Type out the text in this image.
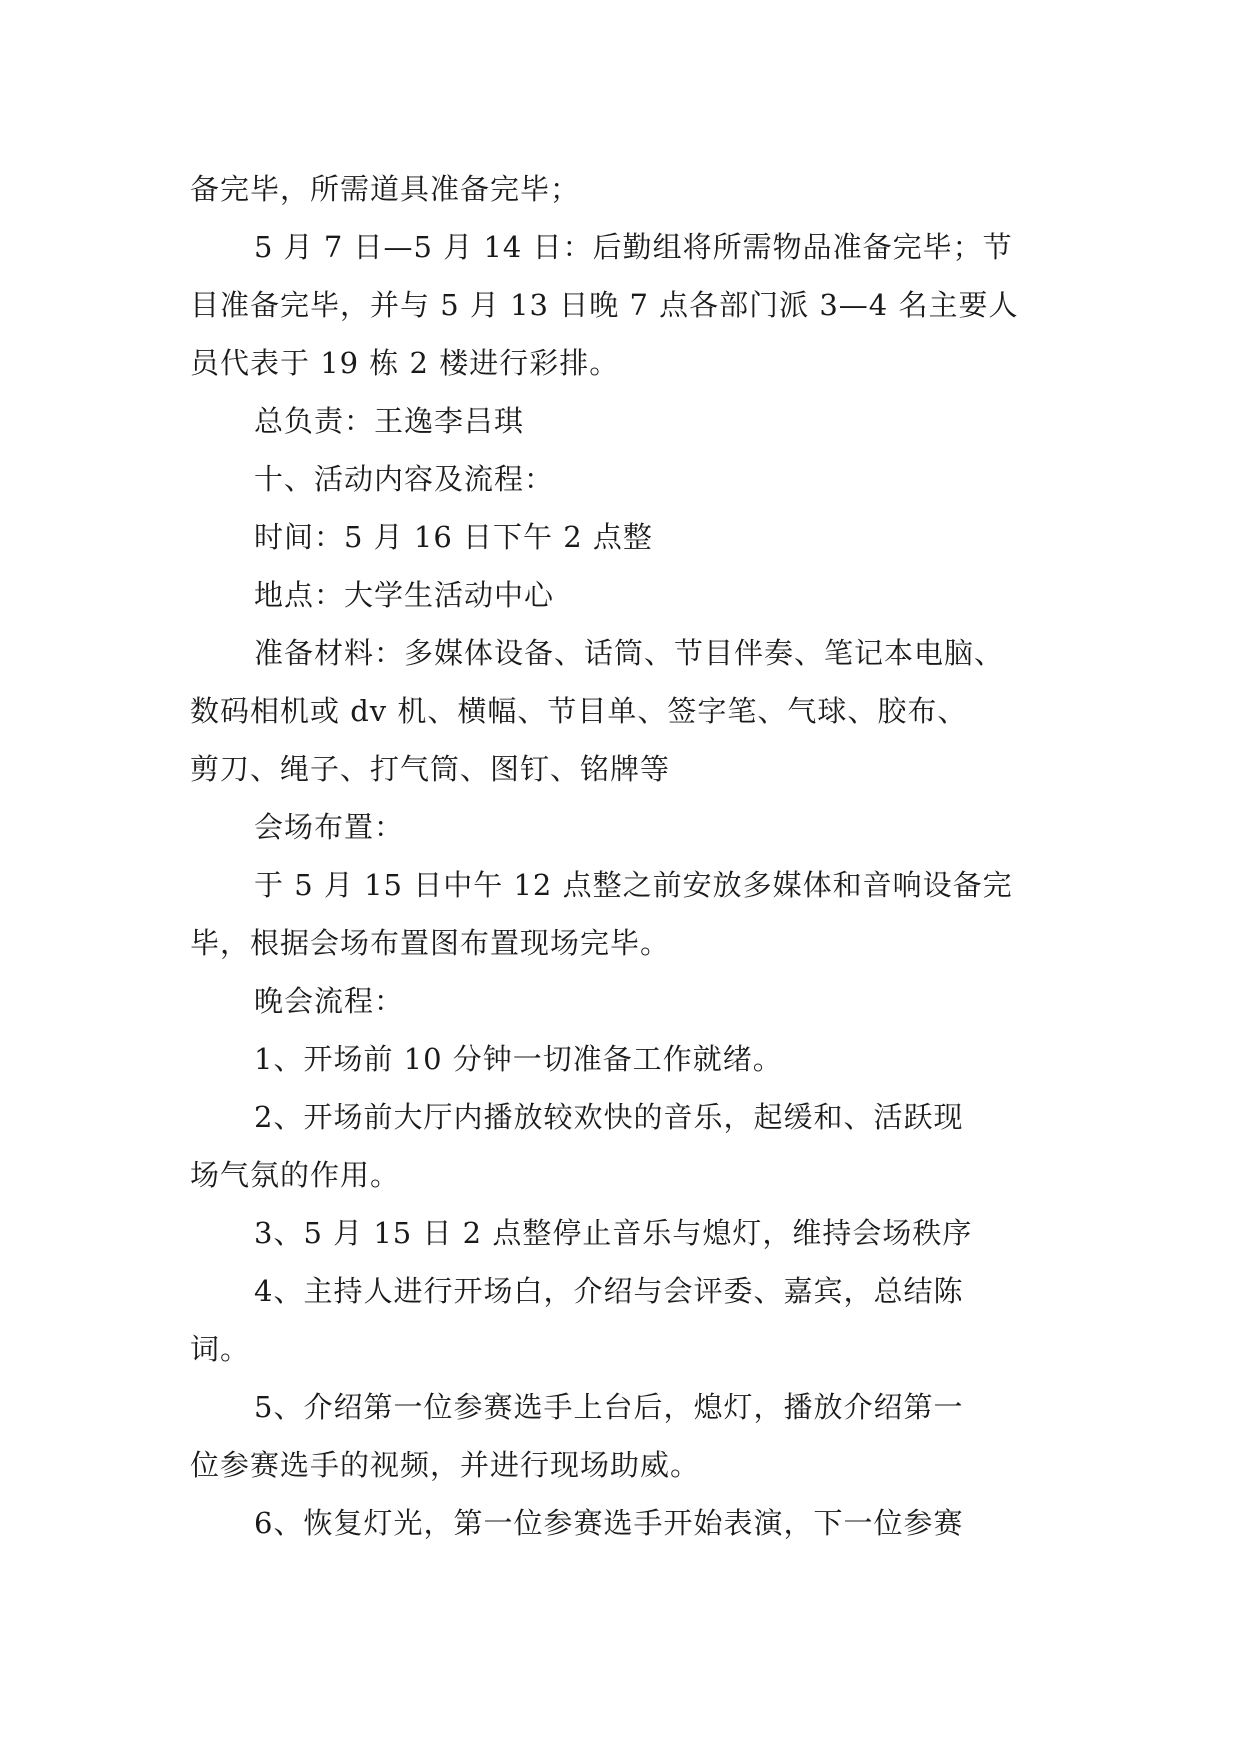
备完毕，所需道具准备完毕；

5 月 7 日—5 月 14 日：后勤组将所需物品准备完毕；节

目准备完毕，并与 5 月 13 日晚 7 点各部门派 3—4 名主要人

员代表于 19 栋 2 楼进行彩排。

总负责：王逸李吕琪

十、活动内容及流程：

时间：5 月 16 日下午 2 点整

地点：大学生活动中心

准备材料：多媒体设备、话筒、节目伴奏、笔记本电脑、

数码相机或 dv 机、横幅、节目单、签字笔、气球、胶布、

剪刀、绳子、打气筒、图钉、铭牌等

会场布置：

于 5 月 15 日中午 12 点整之前安放多媒体和音响设备完

毕，根据会场布置图布置现场完毕。

晚会流程：

1、开场前 10 分钟一切准备工作就绪。

2、开场前大厅内播放较欢快的音乐，起缓和、活跃现

场气氛的作用。

3、5 月 15 日 2 点整停止音乐与熄灯，维持会场秩序

4、主持人进行开场白，介绍与会评委、嘉宾，总结陈

词。

5、介绍第一位参赛选手上台后，熄灯，播放介绍第一

位参赛选手的视频，并进行现场助威。

6、恢复灯光，第一位参赛选手开始表演，下一位参赛
